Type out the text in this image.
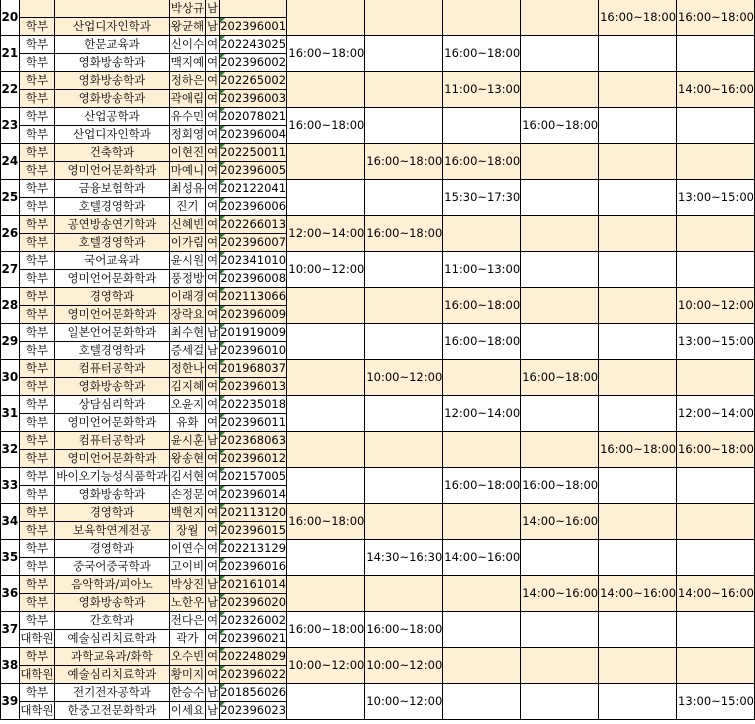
20			박상규	남						16:00~18:00	16:00~18:00
	학부	산업디자인학과	왕균해	남	202396001						
21	학부	한문교육과	신이수	여	202243025	16:00~18:00		16:00~18:00			
	학부	영화방송학과	맥지예	여	202396002						
22	학부	영화방송학과	정하은	여	202265002			11:00~13:00			14:00~16:00
	학부	영화방송학과	곽애림	여	202396003						
23	학부	산업공학과	유수민	여	202078021	16:00~18:00			16:00~18:00		
	학부	산업디자인학과	정회영	여	202396004						
24	학부	건축학과	이현진	여	202250011		16:00~18:00	16:00~18:00			
	학부	영미언어문화학과	마예니	여	202396005						
25	학부	금융보험학과	최성유	여	202122041			15:30~17:30			13:00~15:00
	학부	호텔경영학과	진기	여	202396006						
26	학부	공연방송연기학과	신혜빈	여	202266013	12:00~14:00	16:00~18:00				
	학부	호텔경영학과	이가림	여	202396007						
27	학부	국어교육과	윤시원	여	202341010	10:00~12:00		11:00~13:00			
	학부	영미언어문화학과	풍정방	여	202396008						
28	학부	경영학과	이래경	여	202113066			16:00~18:00			10:00~12:00
	학부	영미언어문화학과	장락요	여	202396009						
29	학부	일본언어문화학과	최수현	남	201919009			16:00~18:00			13:00~15:00
	학부	호텔경영학과	증세걸	남	202396010						
30	학부	컴퓨터공학과	정한나	여	201968037		10:00~12:00		16:00~18:00		
	학부	영화방송학과	김지혜	여	202396013						
31	학부	상담심리학과	오윤지	여	202235018			12:00~14:00			12:00~14:00
	학부	영미언어문화학과	유화	여	202396011						
32	학부	컴퓨터공학과	윤시훈	남	202368063					16:00~18:00	16:00~18:00
	학부	영미언어문화학과	왕송현	여	202396012						
33	학부	바이오기능성식품학과	김서현	여	202157005			16:00~18:00	16:00~18:00		
	학부	영화방송학과	손정문	여	202396014						
34	학부	경영학과	백현지	여	202113120	16:00~18:00			14:00~16:00		
	학부	보육학연계전공	장월	여	202396015						
35	학부	경영학과	이연수	여	202213129		14:30~16:30	14:00~16:00			
	학부	중국어중국학과	고이비	여	202396016						
36	학부	음악학과/피아노	박상진	남	202161014				14:00~16:00	14:00~16:00	14:00~16:00
	학부	영화방송학과	노한우	남	202396020						
37	학부	간호학과	전다은	여	202326002	16:00~18:00	16:00~18:00				
	대학원	예술심리치료학과	곽가	여	202396021						
38	학부	과학교육과/화학	오수빈	여	202248029	10:00~12:00	10:00~12:00				
	대학원	예술심리치료학과	황미지	여	202396022						
39	학부	전기전자공학과	한승수	남	201856026		10:00~12:00				13:00~15:00
	대학원	한중고전문화학과	이세요	남	202396023						
